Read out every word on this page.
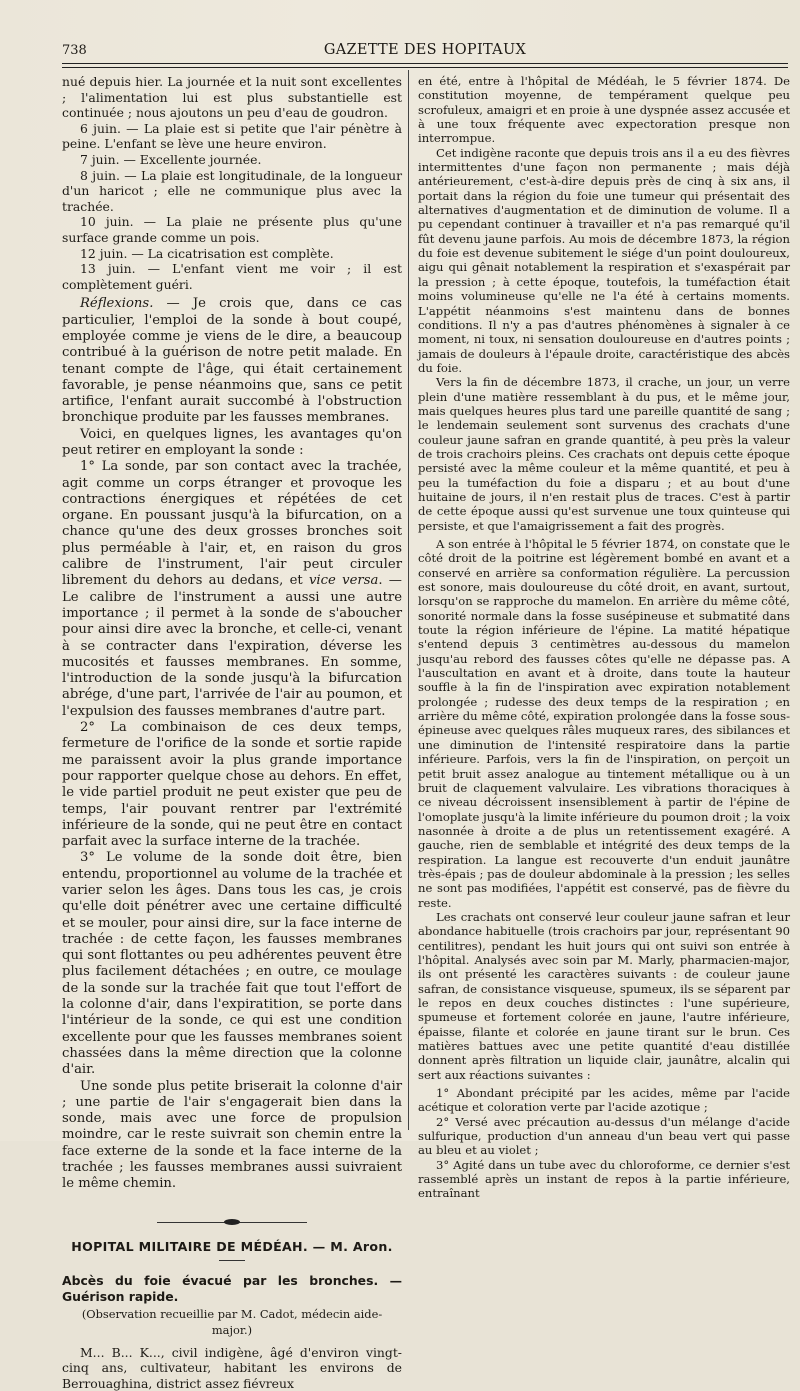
738	GAZETTE DES HOPITAUX

nué depuis hier. La journée et la nuit sont excellentes ; l'alimentation lui est plus substantielle est continuée ; nous ajoutons un peu d'eau de goudron.

6 juin. — La plaie est si petite que l'air pénètre à peine. L'enfant se lève une heure environ.

7 juin. — Excellente journée.

8 juin. — La plaie est longitudinale, de la longueur d'un haricot ; elle ne communique plus avec la trachée.

10 juin. — La plaie ne présente plus qu'une surface grande comme un pois.

12 juin. — La cicatrisation est complète.

13 juin. — L'enfant vient me voir ; il est complètement guéri.

Réflexions. — Je crois que, dans ce cas particulier, l'emploi de la sonde à bout coupé, employée comme je viens de le dire, a beaucoup contribué à la guérison de notre petit malade. En tenant compte de l'âge, qui était certainement favorable, je pense néanmoins que, sans ce petit artifice, l'enfant aurait succombé à l'obstruction bronchique produite par les fausses membranes.

Voici, en quelques lignes, les avantages qu'on peut retirer en employant la sonde :

1° La sonde, par son contact avec la trachée, agit comme un corps étranger et provoque les contractions énergiques et répétées de cet organe. En poussant jusqu'à la bifurcation, on a chance qu'une des deux grosses bronches soit plus perméable à l'air, et, en raison du gros calibre de l'instrument, l'air peut circuler librement du dehors au dedans, et vice versa. — Le calibre de l'instrument a aussi une autre importance ; il permet à la sonde de s'aboucher pour ainsi dire avec la bronche, et celle-ci, venant à se contracter dans l'expiration, déverse les mucosités et fausses membranes. En somme, l'introduction de la sonde jusqu'à la bifurcation abrége, d'une part, l'arrivée de l'air au poumon, et l'expulsion des fausses membranes d'autre part.

2° La combinaison de ces deux temps, fermeture de l'orifice de la sonde et sortie rapide me paraissent avoir la plus grande importance pour rapporter quelque chose au dehors. En effet, le vide partiel produit ne peut exister que peu de temps, l'air pouvant rentrer par l'extrémité inférieure de la sonde, qui ne peut être en contact parfait avec la surface interne de la trachée.

3° Le volume de la sonde doit être, bien entendu, proportionnel au volume de la trachée et varier selon les âges. Dans tous les cas, je crois qu'elle doit pénétrer avec une certaine difficulté et se mouler, pour ainsi dire, sur la face interne de trachée : de cette façon, les fausses membranes qui sont flottantes ou peu adhérentes peuvent être plus facilement détachées ; en outre, ce moulage de la sonde sur la trachée fait que tout l'effort de la colonne d'air, dans l'expiratition, se porte dans l'intérieur de la sonde, ce qui est une condition excellente pour que les fausses membranes soient chassées dans la même direction que la colonne d'air.

Une sonde plus petite briserait la colonne d'air ; une partie de l'air s'engagerait bien dans la sonde, mais avec une force de propulsion moindre, car le reste suivrait son chemin entre la face externe de la sonde et la face interne de la trachée ; les fausses membranes aussi suivraient le même chemin.

HOPITAL MILITAIRE DE MÉDÉAH. — M. Aron.

Abcès du foie évacué par les bronches. — Guérison rapide.

(Observation recueillie par M. Cadot, médecin aide-major.)

M... B... K..., civil indigène, âgé d'environ vingt-cinq ans, cultivateur, habitant les environs de Berrouaghina, district assez fiévreux

en été, entre à l'hôpital de Médéah, le 5 février 1874. De constitution moyenne, de tempérament quelque peu scrofuleux, amaigri et en proie à une dyspnée assez accusée et à une toux fréquente avec expectoration presque non interrompue.

Cet indigène raconte que depuis trois ans il a eu des fièvres intermittentes d'une façon non permanente ; mais déjà antérieurement, c'est-à-dire depuis près de cinq à six ans, il portait dans la région du foie une tumeur qui présentait des alternatives d'augmentation et de diminution de volume. Il a pu cependant continuer à travailler et n'a pas remarqué qu'il fût devenu jaune parfois. Au mois de décembre 1873, la région du foie est devenue subitement le siége d'un point douloureux, aigu qui gênait notablement la respiration et s'exaspérait par la pression ; à cette époque, toutefois, la tuméfaction était moins volumineuse qu'elle ne l'a été à certains moments. L'appétit néanmoins s'est maintenu dans de bonnes conditions. Il n'y a pas d'autres phénomènes à signaler à ce moment, ni toux, ni sensation douloureuse en d'autres points ; jamais de douleurs à l'épaule droite, caractéristique des abcès du foie.

Vers la fin de décembre 1873, il crache, un jour, un verre plein d'une matière ressemblant à du pus, et le même jour, mais quelques heures plus tard une pareille quantité de sang ; le lendemain seulement sont survenus des crachats d'une couleur jaune safran en grande quantité, à peu près la valeur de trois crachoirs pleins. Ces crachats ont depuis cette époque persisté avec la même couleur et la même quantité, et peu à peu la tuméfaction du foie a disparu ; et au bout d'une huitaine de jours, il n'en restait plus de traces. C'est à partir de cette époque aussi qu'est survenue une toux quinteuse qui persiste, et que l'amaigrissement a fait des progrès.

A son entrée à l'hôpital le 5 février 1874, on constate que le côté droit de la poitrine est légèrement bombé en avant et a conservé en arrière sa conformation régulière. La percussion est sonore, mais douloureuse du côté droit, en avant, surtout, lorsqu'on se rapproche du mamelon. En arrière du même côté, sonorité normale dans la fosse susépineuse et submatité dans toute la région inférieure de l'épine. La matité hépatique s'entend depuis 3 centimètres au-dessous du mamelon jusqu'au rebord des fausses côtes qu'elle ne dépasse pas. A l'auscultation en avant et à droite, dans toute la hauteur souffle à la fin de l'inspiration avec expiration notablement prolongée ; rudesse des deux temps de la respiration ; en arrière du même côté, expiration prolongée dans la fosse sous-épineuse avec quelques râles muqueux rares, des sibilances et une diminution de l'intensité respiratoire dans la partie inférieure. Parfois, vers la fin de l'inspiration, on perçoit un petit bruit assez analogue au tintement métallique ou à un bruit de claquement valvulaire. Les vibrations thoraciques à ce niveau décroissent insensiblement à partir de l'épine de l'omoplate jusqu'à la limite inférieure du poumon droit ; la voix nasonnée à droite a de plus un retentissement exagéré. A gauche, rien de semblable et intégrité des deux temps de la respiration. La langue est recouverte d'un enduit jaunâtre très-épais ; pas de douleur abdominale à la pression ; les selles ne sont pas modifiées, l'appétit est conservé, pas de fièvre du reste.

Les crachats ont conservé leur couleur jaune safran et leur abondance habituelle (trois crachoirs par jour, représentant 90 centilitres), pendant les huit jours qui ont suivi son entrée à l'hôpital. Analysés avec soin par M. Marly, pharmacien-major, ils ont présenté les caractères suivants : de couleur jaune safran, de consistance visqueuse, spumeux, ils se séparent par le repos en deux couches distinctes : l'une supérieure, spumeuse et fortement colorée en jaune, l'autre inférieure, épaisse, filante et colorée en jaune tirant sur le brun. Ces matières battues avec une petite quantité d'eau distillée donnent après filtration un liquide clair, jaunâtre, alcalin qui sert aux réactions suivantes :

1° Abondant précipité par les acides, même par l'acide acétique et coloration verte par l'acide azotique ;

2° Versé avec précaution au-dessus d'un mélange d'acide sulfurique, production d'un anneau d'un beau vert qui passe au bleu et au violet ;

3° Agité dans un tube avec du chloroforme, ce dernier s'est rassemblé après un instant de repos à la partie inférieure, entraînant
